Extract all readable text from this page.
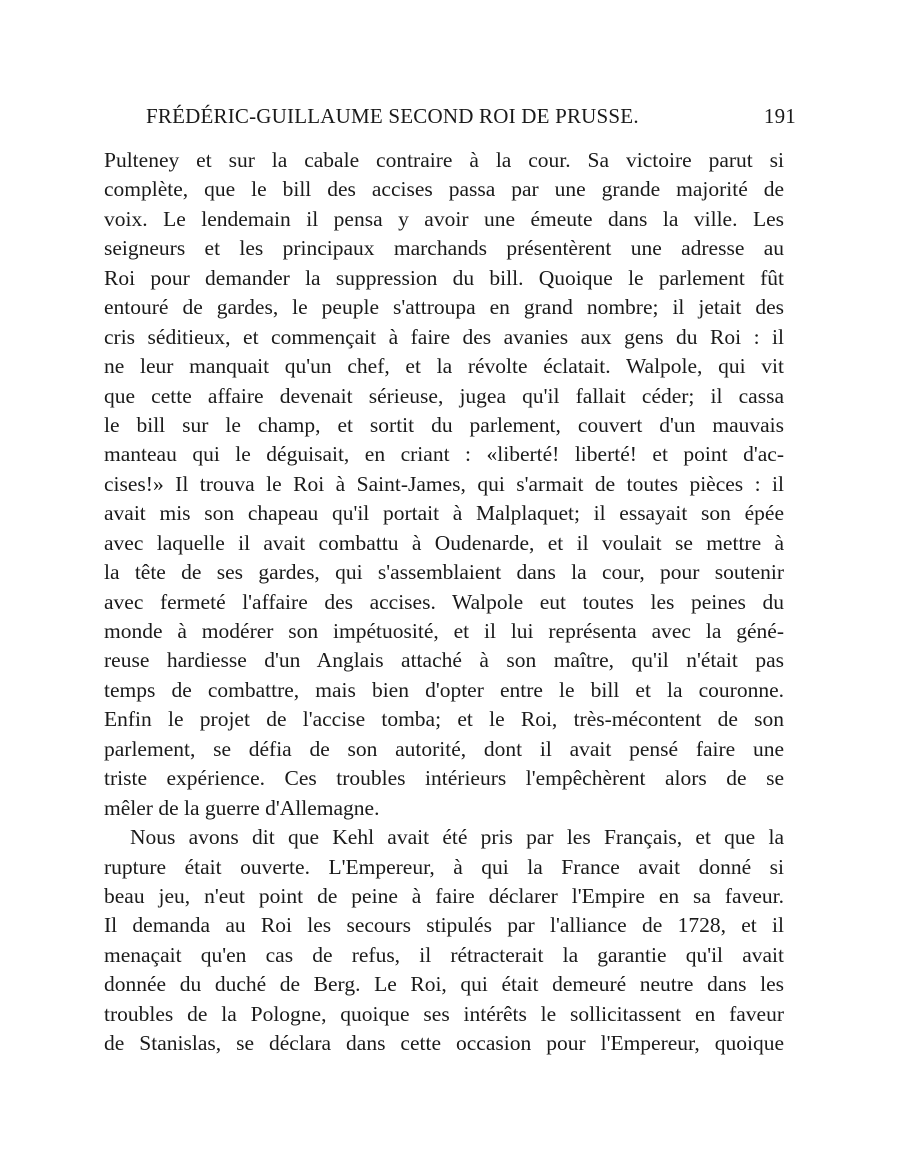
FRÉDÉRIC-GUILLAUME SECOND ROI DE PRUSSE.	191
Pulteney et sur la cabale contraire à la cour. Sa victoire parut si
complète, que le bill des accises passa par une grande majorité de
voix. Le lendemain il pensa y avoir une émeute dans la ville. Les
seigneurs et les principaux marchands présentèrent une adresse au
Roi pour demander la suppression du bill. Quoique le parlement fût
entouré de gardes, le peuple s'attroupa en grand nombre; il jetait des
cris séditieux, et commençait à faire des avanies aux gens du Roi : il
ne leur manquait qu'un chef, et la révolte éclatait. Walpole, qui vit
que cette affaire devenait sérieuse, jugea qu'il fallait céder; il cassa
le bill sur le champ, et sortit du parlement, couvert d'un mauvais
manteau qui le déguisait, en criant : «liberté! liberté! et point d'ac-
cises!» Il trouva le Roi à Saint-James, qui s'armait de toutes pièces : il
avait mis son chapeau qu'il portait à Malplaquet; il essayait son épée
avec laquelle il avait combattu à Oudenarde, et il voulait se mettre à
la tête de ses gardes, qui s'assemblaient dans la cour, pour soutenir
avec fermeté l'affaire des accises. Walpole eut toutes les peines du
monde à modérer son impétuosité, et il lui représenta avec la géné-
reuse hardiesse d'un Anglais attaché à son maître, qu'il n'était pas
temps de combattre, mais bien d'opter entre le bill et la couronne.
Enfin le projet de l'accise tomba; et le Roi, très-mécontent de son
parlement, se défia de son autorité, dont il avait pensé faire une
triste expérience. Ces troubles intérieurs l'empêchèrent alors de se
mêler de la guerre d'Allemagne.
Nous avons dit que Kehl avait été pris par les Français, et que la
rupture était ouverte. L'Empereur, à qui la France avait donné si
beau jeu, n'eut point de peine à faire déclarer l'Empire en sa faveur.
Il demanda au Roi les secours stipulés par l'alliance de 1728, et il
menaçait qu'en cas de refus, il rétracterait la garantie qu'il avait
donnée du duché de Berg. Le Roi, qui était demeuré neutre dans les
troubles de la Pologne, quoique ses intérêts le sollicitassent en faveur
de Stanislas, se déclara dans cette occasion pour l'Empereur, quoique
